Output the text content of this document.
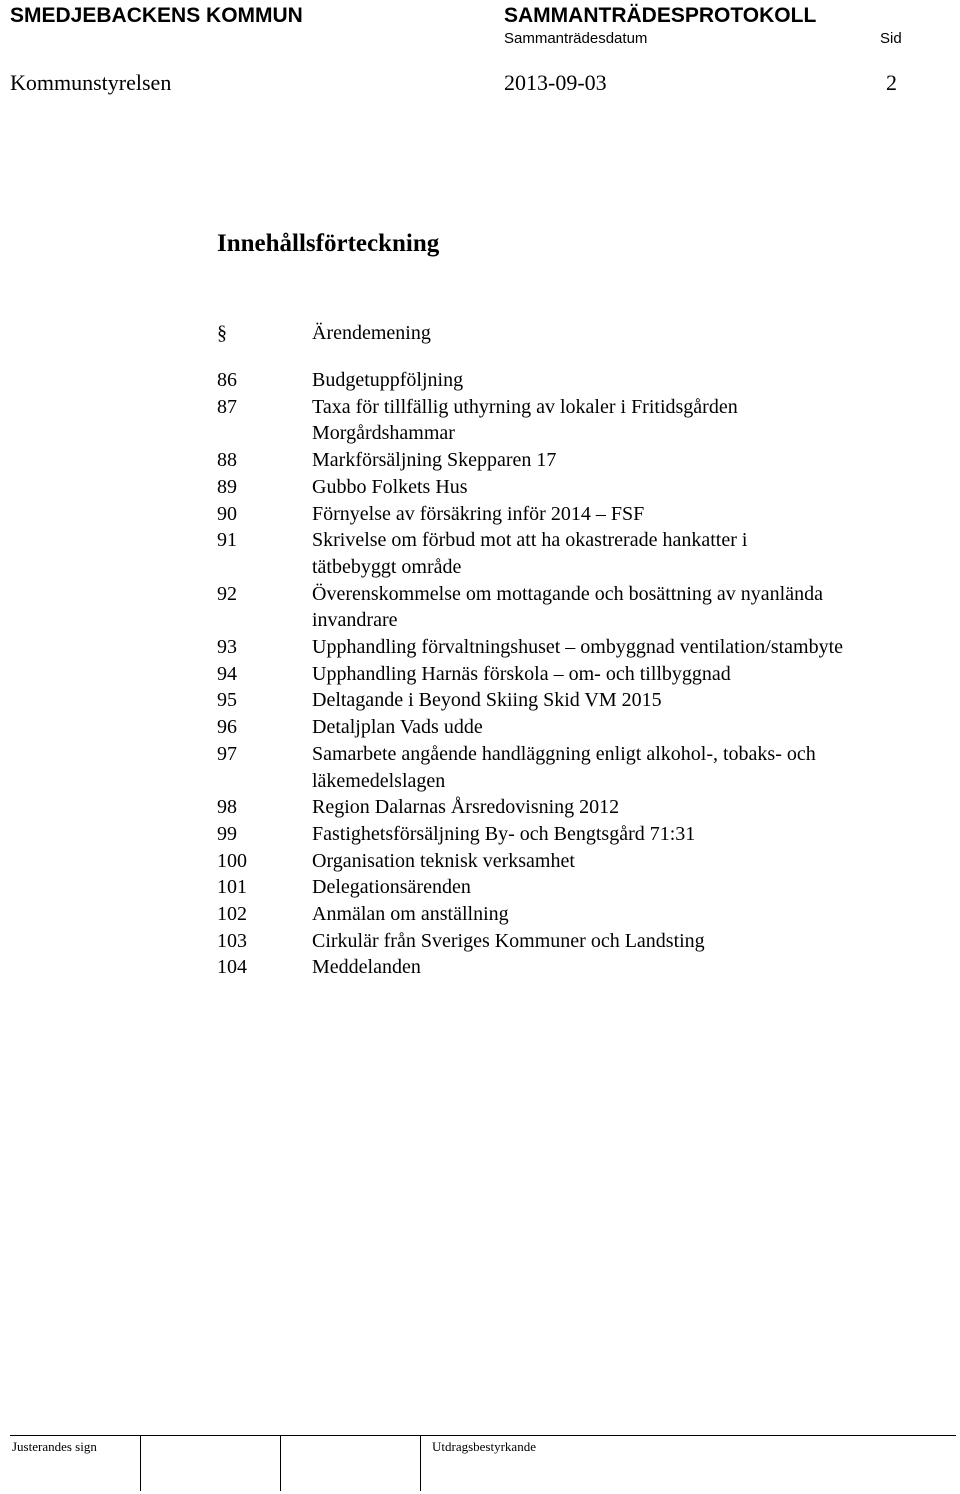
SMEDJEBACKENS KOMMUN	SAMMANTRÄDESPROTOKOLL
Sammanträdesdatum	Sid
Kommunstyrelsen	2013-09-03	2
Innehållsförteckning
§	Ärendemening
86	Budgetuppföljning
87	Taxa för tillfällig uthyrning av lokaler i Fritidsgården
Morgårdshammar
88	Markförsäljning Skepparen 17
89	Gubbo Folkets Hus
90	Förnyelse av försäkring inför 2014 – FSF
91	Skrivelse om förbud mot att ha okastrerade hankatter i
tätbebyggt område
92	Överenskommelse om mottagande och bosättning av nyanlända
invandrare
93	Upphandling förvaltningshuset – ombyggnad ventilation/stambyte
94	Upphandling Harnäs förskola – om- och tillbyggnad
95	Deltagande i Beyond Skiing Skid VM 2015
96	Detaljplan Vads udde
97	Samarbete angående handläggning enligt alkohol-, tobaks- och
läkemedelslagen
98	Region Dalarnas Årsredovisning 2012
99	Fastighetsförsäljning By- och Bengtsgård 71:31
100	Organisation teknisk verksamhet
101	Delegationsärenden
102	Anmälan om anställning
103	Cirkulär från Sveriges Kommuner och Landsting
104	Meddelanden
Justerandes sign	Utdragsbestyrkande
